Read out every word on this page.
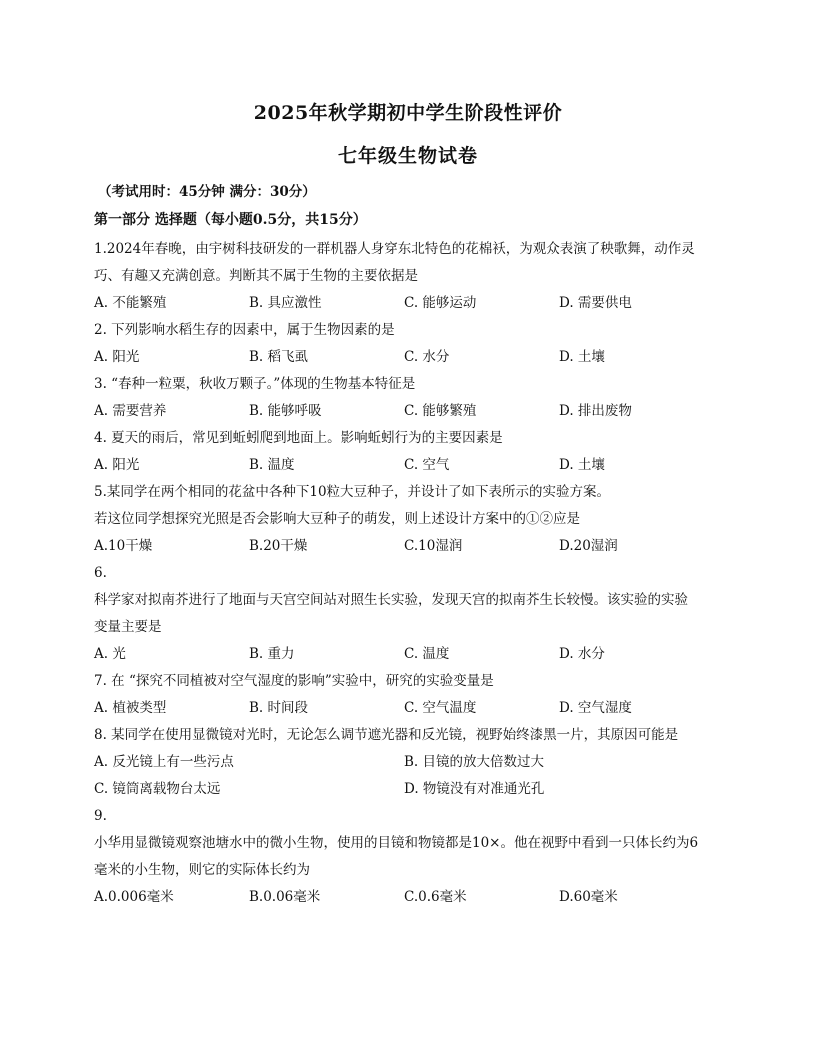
2025年秋学期初中学生阶段性评价
七年级生物试卷
（考试用时：45分钟 满分：30分）
第一部分 选择题（每小题0.5分，共15分）
1.2024年春晚，由宇树科技研发的一群机器人身穿东北特色的花棉袄，为观众表演了秧歌舞，动作灵
巧、有趣又充满创意。判断其不属于生物的主要依据是
A. 不能繁殖	B. 具应激性	C. 能够运动	D. 需要供电
2. 下列影响水稻生存的因素中，属于生物因素的是
A. 阳光	B. 稻飞虱	C. 水分	D. 土壤
3. “春种一粒粟，秋收万颗子。”体现的生物基本特征是
A. 需要营养	B. 能够呼吸	C. 能够繁殖	D. 排出废物
4. 夏天的雨后，常见到蚯蚓爬到地面上。影响蚯蚓行为的主要因素是
A. 阳光	B. 温度	C. 空气	D. 土壤
5.某同学在两个相同的花盆中各种下10粒大豆种子，并设计了如下表所示的实验方案。
若这位同学想探究光照是否会影响大豆种子的萌发，则上述设计方案中的①②应是
A.10干燥	B.20干燥	C.10湿润	D.20湿润
6.
科学家对拟南芥进行了地面与天宫空间站对照生长实验，发现天宫的拟南芥生长较慢。该实验的实验
变量主要是
A. 光	B. 重力	C. 温度	D. 水分
7. 在 “探究不同植被对空气湿度的影响”实验中，研究的实验变量是
A. 植被类型	B. 时间段	C. 空气温度	D. 空气湿度
8. 某同学在使用显微镜对光时，无论怎么调节遮光器和反光镜，视野始终漆黑一片，其原因可能是
A. 反光镜上有一些污点	B. 目镜的放大倍数过大
C. 镜筒离载物台太远	D. 物镜没有对准通光孔
9.
小华用显微镜观察池塘水中的微小生物，使用的目镜和物镜都是10×。他在视野中看到一只体长约为6
毫米的小生物，则它的实际体长约为
A.0.006毫米	B.0.06毫米	C.0.6毫米	D.60毫米
